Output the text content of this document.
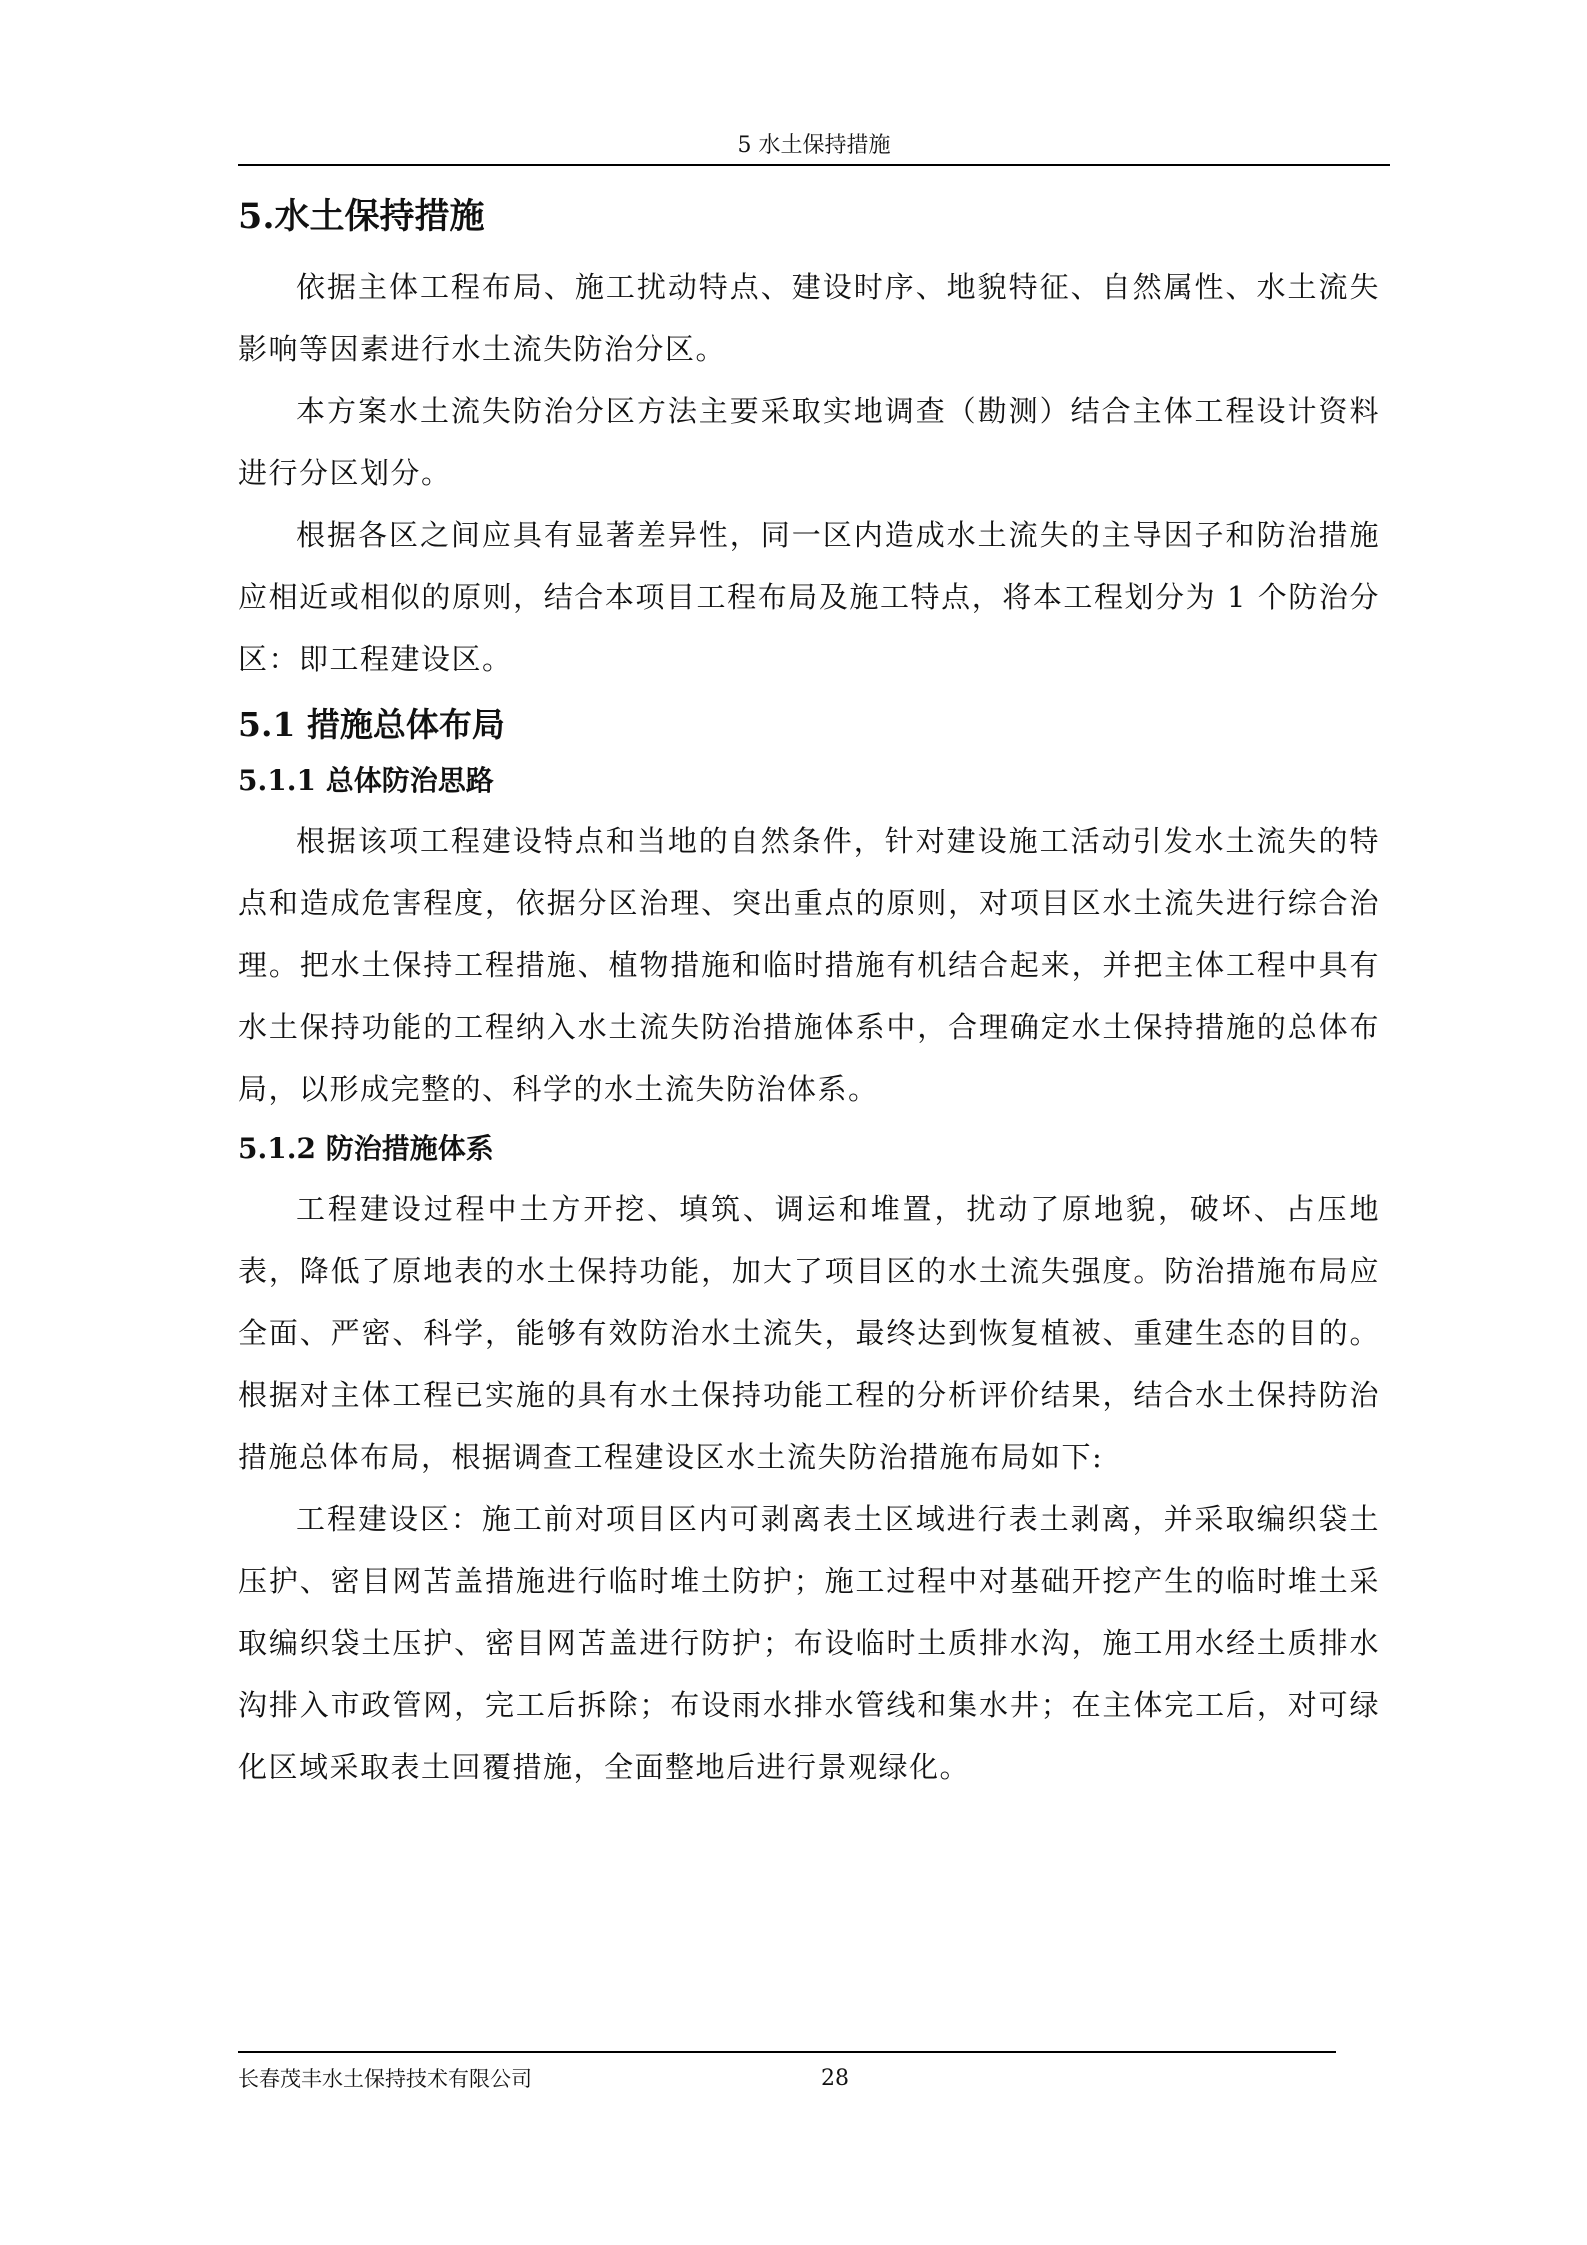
5 水土保持措施
5.水土保持措施

依据主体工程布局、施工扰动特点、建设时序、地貌特征、自然属性、水土流失影响等因素进行水土流失防治分区。

本方案水土流失防治分区方法主要采取实地调查（勘测）结合主体工程设计资料进行分区划分。

根据各区之间应具有显著差异性，同一区内造成水土流失的主导因子和防治措施应相近或相似的原则，结合本项目工程布局及施工特点，将本工程划分为 1 个防治分区：即工程建设区。

5.1 措施总体布局
5.1.1 总体防治思路

根据该项工程建设特点和当地的自然条件，针对建设施工活动引发水土流失的特点和造成危害程度，依据分区治理、突出重点的原则，对项目区水土流失进行综合治理。把水土保持工程措施、植物措施和临时措施有机结合起来，并把主体工程中具有水土保持功能的工程纳入水土流失防治措施体系中，合理确定水土保持措施的总体布局，以形成完整的、科学的水土流失防治体系。

5.1.2 防治措施体系

工程建设过程中土方开挖、填筑、调运和堆置，扰动了原地貌，破坏、占压地表，降低了原地表的水土保持功能，加大了项目区的水土流失强度。防治措施布局应全面、严密、科学，能够有效防治水土流失，最终达到恢复植被、重建生态的目的。根据对主体工程已实施的具有水土保持功能工程的分析评价结果，结合水土保持防治措施总体布局，根据调查工程建设区水土流失防治措施布局如下:

工程建设区：施工前对项目区内可剥离表土区域进行表土剥离，并采取编织袋土压护、密目网苫盖措施进行临时堆土防护；施工过程中对基础开挖产生的临时堆土采取编织袋土压护、密目网苫盖进行防护；布设临时土质排水沟，施工用水经土质排水沟排入市政管网，完工后拆除；布设雨水排水管线和集水井；在主体完工后，对可绿化区域采取表土回覆措施，全面整地后进行景观绿化。

长春茂丰水土保持技术有限公司	28
